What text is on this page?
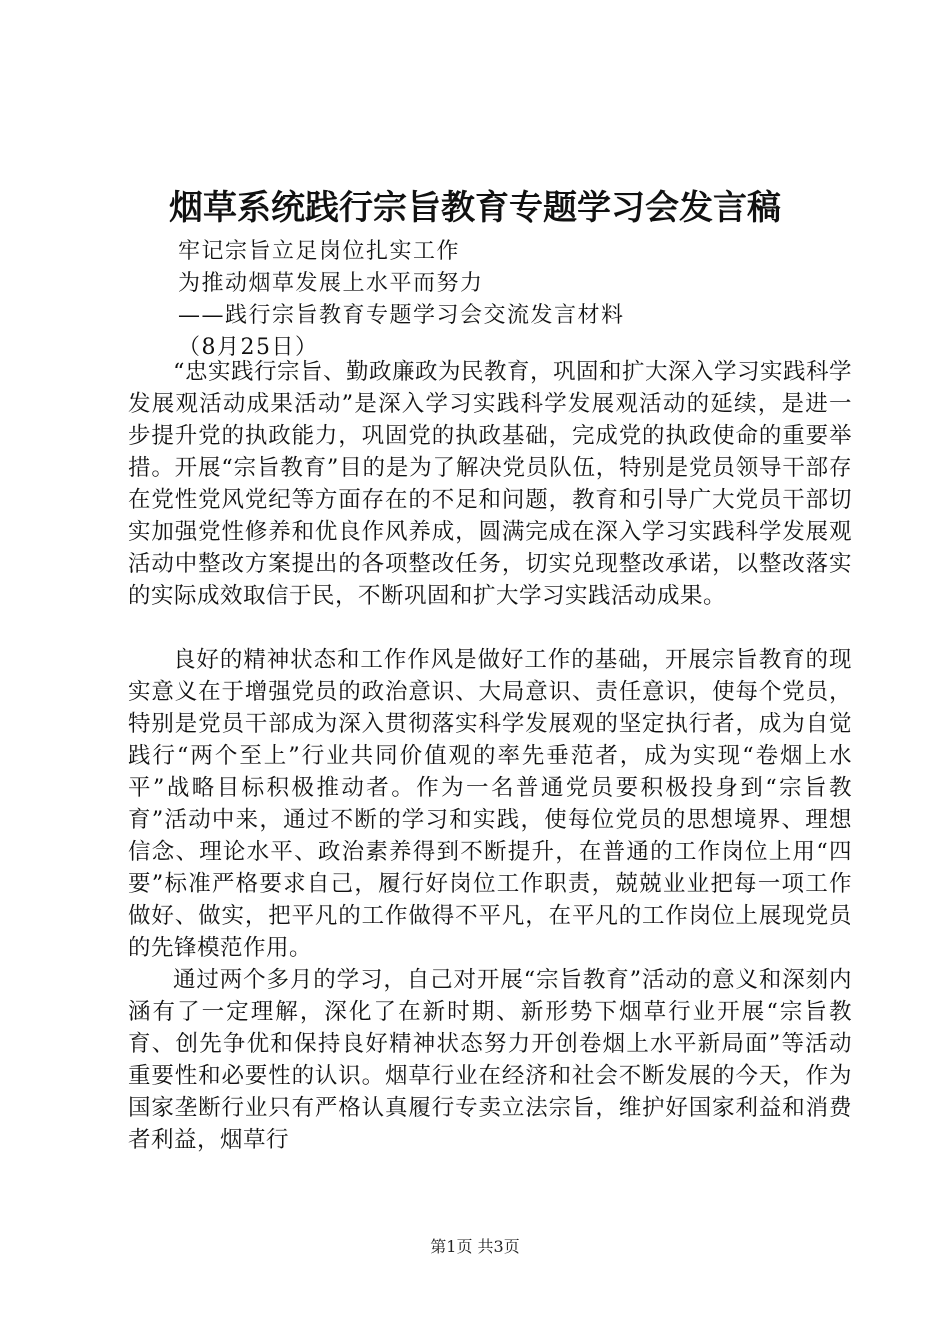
烟草系统践行宗旨教育专题学习会发言稿
牢记宗旨立足岗位扎实工作
为推动烟草发展上水平而努力
——践行宗旨教育专题学习会交流发言材料
（8月25日）

“忠实践行宗旨、勤政廉政为民教育，巩固和扩大深入学习实践科学发展观活动成果活动”是深入学习实践科学发展观活动的延续，是进一步提升党的执政能力，巩固党的执政基础，完成党的执政使命的重要举措。开展“宗旨教育”目的是为了解决党员队伍，特别是党员领导干部存在党性党风党纪等方面存在的不足和问题，教育和引导广大党员干部切实加强党性修养和优良作风养成，圆满完成在深入学习实践科学发展观活动中整改方案提出的各项整改任务，切实兑现整改承诺，以整改落实的实际成效取信于民，不断巩固和扩大学习实践活动成果。

良好的精神状态和工作作风是做好工作的基础，开展宗旨教育的现实意义在于增强党员的政治意识、大局意识、责任意识，使每个党员，特别是党员干部成为深入贯彻落实科学发展观的坚定执行者，成为自觉践行“两个至上”行业共同价值观的率先垂范者，成为实现“卷烟上水平”战略目标积极推动者。作为一名普通党员要积极投身到“宗旨教育”活动中来，通过不断的学习和实践，使每位党员的思想境界、理想信念、理论水平、政治素养得到不断提升，在普通的工作岗位上用“四要”标准严格要求自己，履行好岗位工作职责，兢兢业业把每一项工作做好、做实，把平凡的工作做得不平凡，在平凡的工作岗位上展现党员的先锋模范作用。

通过两个多月的学习，自己对开展“宗旨教育”活动的意义和深刻内涵有了一定理解，深化了在新时期、新形势下烟草行业开展“宗旨教育、创先争优和保持良好精神状态努力开创卷烟上水平新局面”等活动重要性和必要性的认识。烟草行业在经济和社会不断发展的今天，作为国家垄断行业只有严格认真履行专卖立法宗旨，维护好国家利益和消费者利益，烟草行

第1页 共3页
